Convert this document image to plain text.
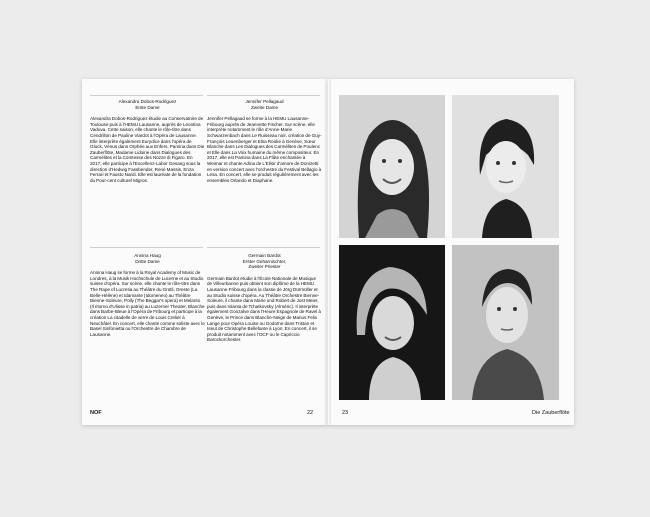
Alexandra Dobos-Rodriguez
Erste Dame
Alexandra Dobos-Rodriguez étudie au Conservatoire de Toulouse puis à l'HEMU Lausanne, auprès de Leontina Vaduva. Cette saison, elle chante le rôle-titre dans Cendrillon de Pauline Viardot à l'Opéra de Lausanne. Elle interprète également Eurydice dans l'opéra de Gluck, Vénus dans Orphée aux Enfers, Pamina dans Die Zauberflöte, Madame Lidoine dans Dialogues des Carmélites et la Comtesse des Nozze di Figaro. En 2017, elle participe à l'Excellenz-Labor Gesang sous la direction d'Hedwig Fassbender, René Massis, Enza Ferrari et Fausto Nardi. Elle est lauréate de la fondation du Pour-cent culturel Migros.
Jennifer Pellagaud
Zweite Dame
Jennifer Pellagaud se forme à la HEMU Lausanne-Fribourg auprès de Jeannette Fischer. Sur scène, elle interprète notamment le rôle d'Anne-Marie Schwarzenbach dans Le Ruisseau noir, création de Guy-François Leuenberger et Elsa Rooke à Genève, Sœur Blanche dans Les Dialogues des Carmélites de Poulenc et Elle dans La Voix humaine du même compositeur. En 2017, elle est Pamina dans La Flûte enchantée à Weimar et chante Adina de L'Elisir d'amore de Donizetti en version concert avec l'orchestre du Festival Bellagio à Lesa. En concert, elle se produit régulièrement avec les ensembles Orlando et Diaphane.
Annina Haug
Dritte Dame
Annina Haug se forme à la Royal Academy of Music de Londres, à la Musik Hochschule de Lucerne et au Studio suisse d'opéra. Sur scène, elle chante le rôle-titre dans The Rape of Lucretia au Théâtre du Grütli, Oreste (La Belle-Hélène) et Idamante (Idomeneo) au Théâtre Bienne-Soleure, Polly (The Beggar's opera) et Melanto (Il ritorno d'Ulisse in patria) au Luzerner Theater, Blanche dans Barbe-Bleue à l'Opéra de Fribourg et participe à la création La citadelle de verre de Louis Crelier à Neuchâtel. En concert, elle chante comme soliste avec le Basel Sinfonietta ou l'Orchestre de Chambre de Lausanne.
Germain Bardot
Erster Geharnischter,
Zweiter Priester
Germain Bardot étudie à l'École Nationale de Musique de Villeurbanne puis obtient son diplôme de la HEMU Lausanne-Fribourg dans la classe de Jörg Dürmüller et au Studio suisse d'opéra. Au Théâtre Orchestre Bienne-Soleure, il chante dans Marie und Robert de Jost Meier, puis dans Iolanta de Tchaïkovsky (Alméric). Il interprète également Gonzalve dans l'Heure Espagnole de Ravel à Genève, le Prince dans Blanche-Neige de Marius Felix Lange pour Opéra Louise ou Godoïne dans Tristan et Iseut de Christophe Bellefante à Lyon. En concert, il se produit notamment avec l'OCF ou le Capriccio Barockorchester.
NOF	22	23	Die Zauberflöte
